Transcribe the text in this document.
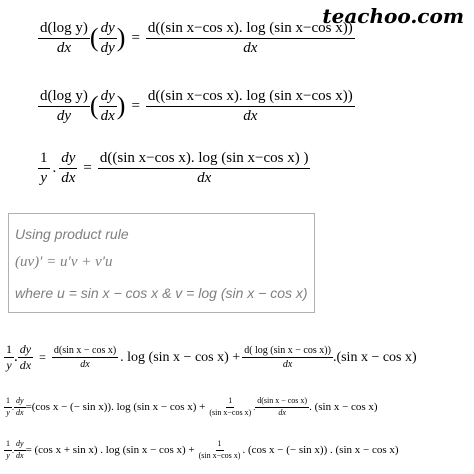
teachoo.com
$\frac{\text{d(log y)}}{dx}$ ( $\frac{dy}{dy}$ ) = $\frac{\text{d((sin x−cos x). log (sin x−cos x))}}{dx}$
$\frac{\text{d(log y)}}{dy}$ ( $\frac{dy}{dx}$ ) = $\frac{\text{d((sin x−cos x). log (sin x−cos x))}}{dx}$
$\frac{1}{y}$ . $\frac{dy}{dx} = \frac{\text{d((sin x−cos x). log (sin x−cos x) )}}{dx}$
Using product rule
(uv)′ = u′v + v′u
where u = sin x − cos x & v = log (sin x − cos x)
$\frac{1}{y}$ . $\frac{dy}{dx} = \frac{\text{d(sin x − cos x)}}{dx}$ . log (sin $x - \cos x) + \frac{\text{d( log (sin x − cos x))}}{dx} .(\sin$ x − cos x)
$\frac{1}{y}$ . $\frac{dy}{dx} =(\cos$ x − (− sin x)). log (sin $x - \cos x) + \frac{1}{\text{(sin x−cos x)}}$ . $\frac{\text{d(sin x − cos x)}}{dx}$ . (sin x − cos x)
$\frac{1}{y}$ . $\frac{dy}{dx} = (\cos$ x + sin x) . log (sin $x - \cos x) + \frac{1}{\text{(sin x−cos x)}}$ . (cos x − (− sin x)) . (sin x − cos x)
